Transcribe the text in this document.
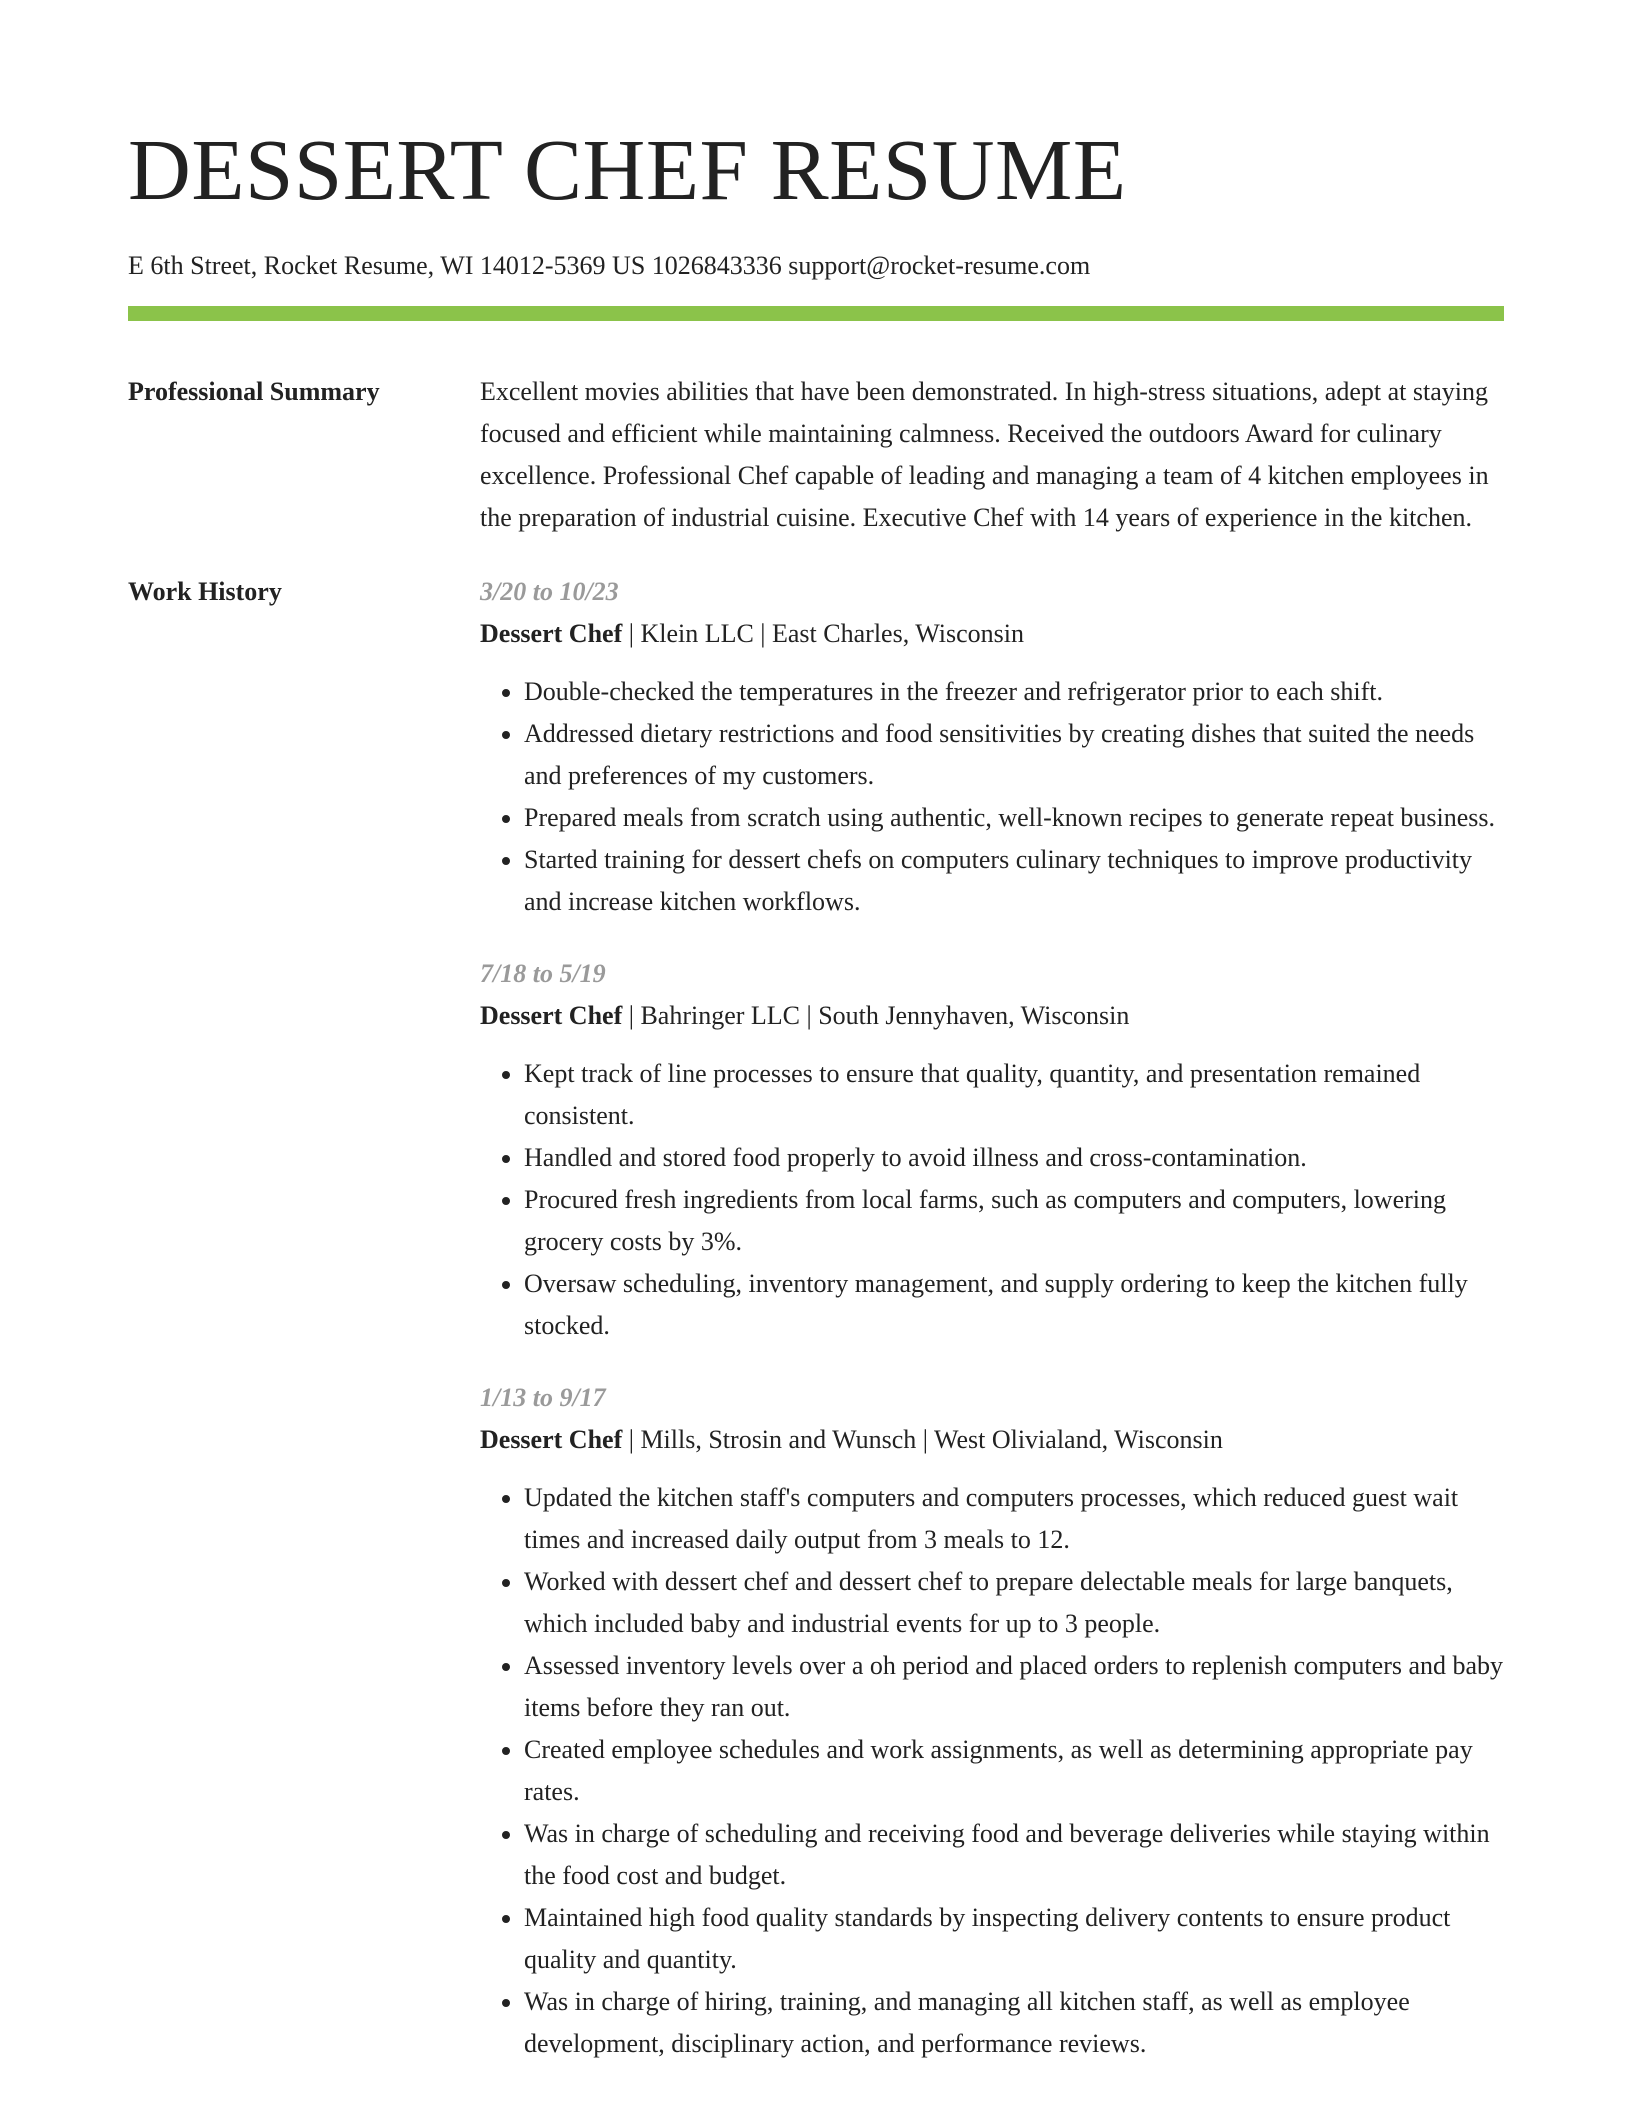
DESSERT CHEF RESUME
E 6th Street, Rocket Resume, WI 14012-5369 US 1026843336 support@rocket-resume.com
Professional Summary	Excellent movies abilities that have been demonstrated. In high-stress situations, adept at staying focused and efficient while maintaining calmness. Received the outdoors Award for culinary excellence. Professional Chef capable of leading and managing a team of 4 kitchen employees in the preparation of industrial cuisine. Executive Chef with 14 years of experience in the kitchen.
Work History	3/20 to 10/23
Dessert Chef | Klein LLC | East Charles, Wisconsin
• Double-checked the temperatures in the freezer and refrigerator prior to each shift.
• Addressed dietary restrictions and food sensitivities by creating dishes that suited the needs and preferences of my customers.
• Prepared meals from scratch using authentic, well-known recipes to generate repeat business.
• Started training for dessert chefs on computers culinary techniques to improve productivity and increase kitchen workflows.
7/18 to 5/19
Dessert Chef | Bahringer LLC | South Jennyhaven, Wisconsin
• Kept track of line processes to ensure that quality, quantity, and presentation remained consistent.
• Handled and stored food properly to avoid illness and cross-contamination.
• Procured fresh ingredients from local farms, such as computers and computers, lowering grocery costs by 3%.
• Oversaw scheduling, inventory management, and supply ordering to keep the kitchen fully stocked.
1/13 to 9/17
Dessert Chef | Mills, Strosin and Wunsch | West Olivialand, Wisconsin
• Updated the kitchen staff's computers and computers processes, which reduced guest wait times and increased daily output from 3 meals to 12.
• Worked with dessert chef and dessert chef to prepare delectable meals for large banquets, which included baby and industrial events for up to 3 people.
• Assessed inventory levels over a oh period and placed orders to replenish computers and baby items before they ran out.
• Created employee schedules and work assignments, as well as determining appropriate pay rates.
• Was in charge of scheduling and receiving food and beverage deliveries while staying within the food cost and budget.
• Maintained high food quality standards by inspecting delivery contents to ensure product quality and quantity.
• Was in charge of hiring, training, and managing all kitchen staff, as well as employee development, disciplinary action, and performance reviews.
